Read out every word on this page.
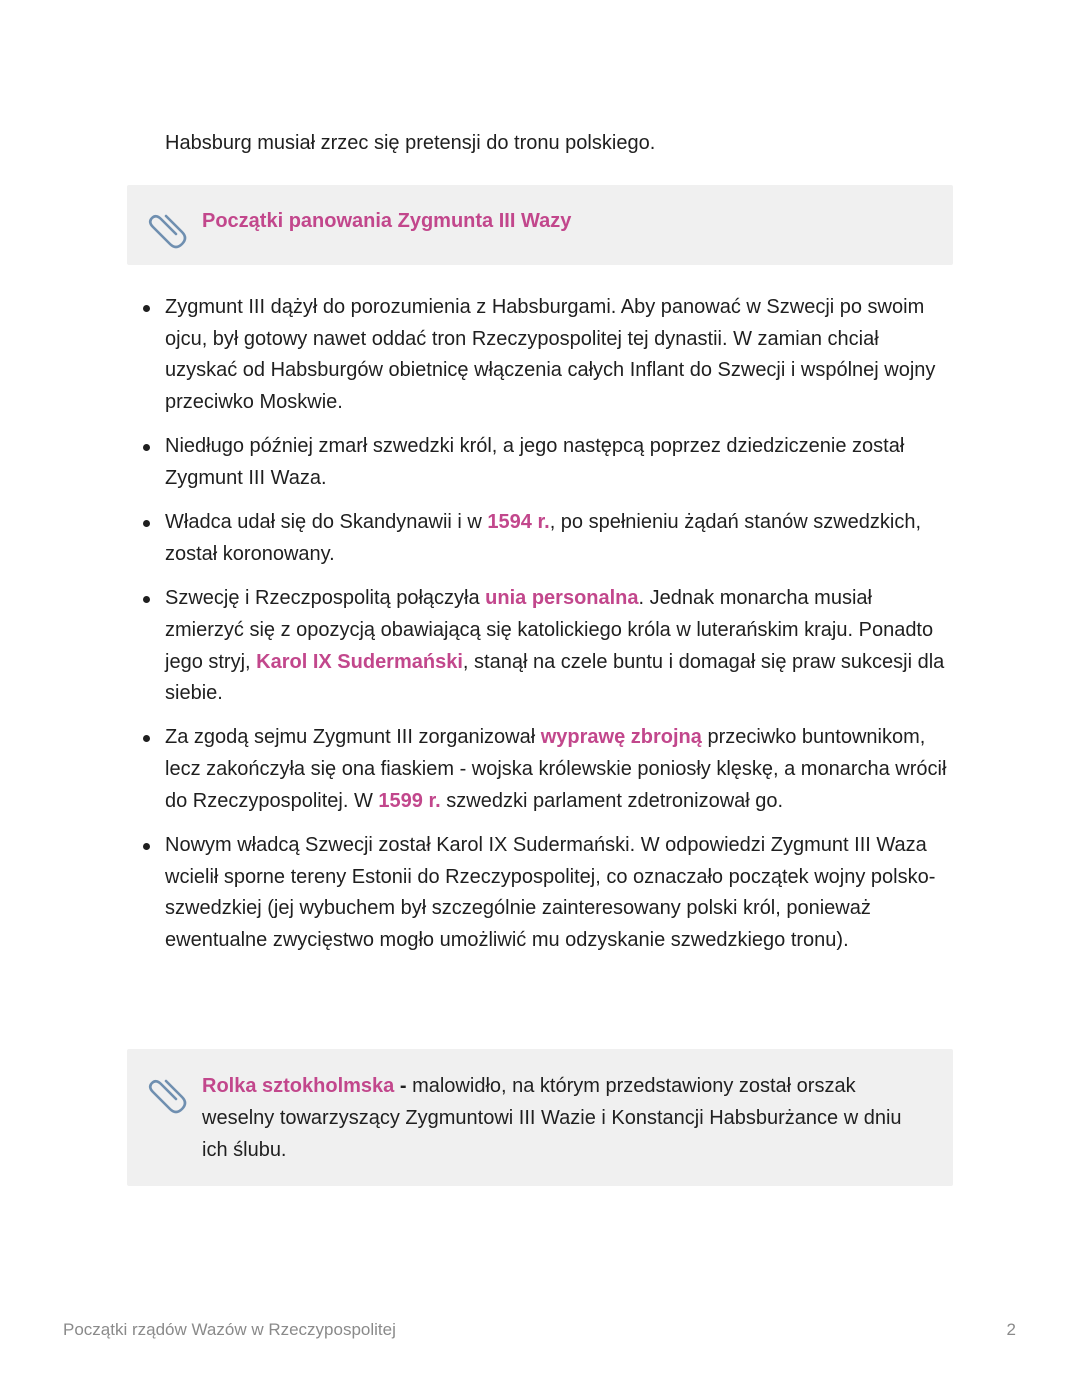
Habsburg musiał zrzec się pretensji do tronu polskiego.

Początki panowania Zygmunta III Wazy
Zygmunt III dążył do porozumienia z Habsburgami. Aby panować w Szwecji po swoim ojcu, był gotowy nawet oddać tron Rzeczypospolitej tej dynastii. W zamian chciał uzyskać od Habsburgów obietnicę włączenia całych Inflant do Szwecji i wspólnej wojny przeciwko Moskwie.
Niedługo później zmarł szwedzki król, a jego następcą poprzez dziedziczenie został Zygmunt III Waza.
Władca udał się do Skandynawii i w 1594 r., po spełnieniu żądań stanów szwedzkich, został koronowany.
Szwecję i Rzeczpospolitą połączyła unia personalna. Jednak monarcha musiał zmierzyć się z opozycją obawiającą się katolickiego króla w luterańskim kraju. Ponadto jego stryj, Karol IX Sudermański, stanął na czele buntu i domagał się praw sukcesji dla siebie.
Za zgodą sejmu Zygmunt III zorganizował wyprawę zbrojną przeciwko buntownikom, lecz zakończyła się ona fiaskiem - wojska królewskie poniosły klęskę, a monarcha wrócił do Rzeczypospolitej. W 1599 r. szwedzki parlament zdetronizował go.
Nowym władcą Szwecji został Karol IX Sudermański. W odpowiedzi Zygmunt III Waza wcielił sporne tereny Estonii do Rzeczypospolitej, co oznaczało początek wojny polsko-szwedzkiej (jej wybuchem był szczególnie zainteresowany polski król, ponieważ ewentualne zwycięstwo mogło umożliwić mu odzyskanie szwedzkiego tronu).

Rolka sztokholmska - malowidło, na którym przedstawiony został orszak weselny towarzyszący Zygmuntowi III Wazie i Konstancji Habsburżance w dniu ich ślubu.

Początki rządów Wazów w Rzeczypospolitej	2
